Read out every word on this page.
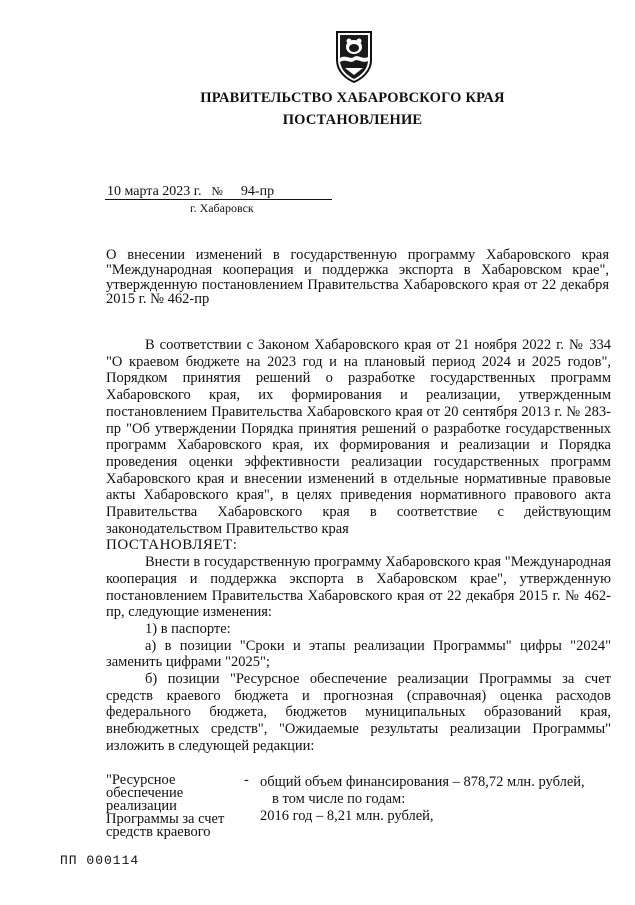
ПРАВИТЕЛЬСТВО ХАБАРОВСКОГО КРАЯ
ПОСТАНОВЛЕНИЕ
10 марта 2023 г. № 94-пр
г. Хабаровск
О внесении изменений в государственную программу Хабаровского края "Международная кооперация и поддержка экспорта в Хабаровском крае", утвержденную постановлением Правительства Хабаровского края от 22 декабря 2015 г. № 462-пр

В соответствии с Законом Хабаровского края от 21 ноября 2022 г. № 334 "О краевом бюджете на 2023 год и на плановый период 2024 и 2025 годов", Порядком принятия решений о разработке государственных программ Хабаровского края, их формирования и реализации, утвержденным постановлением Правительства Хабаровского края от 20 сентября 2013 г. № 283-пр "Об утверждении Порядка принятия решений о разработке государственных программ Хабаровского края, их формирования и реализации и Порядка проведения оценки эффективности реализации государственных программ Хабаровского края и внесении изменений в отдельные нормативные правовые акты Хабаровского края", в целях приведения нормативного правового акта Правительства Хабаровского края в соответствие с действующим законодательством Правительство края

ПОСТАНОВЛЯЕТ:

Внести в государственную программу Хабаровского края "Международная кооперация и поддержка экспорта в Хабаровском крае", утвержденную постановлением Правительства Хабаровского края от 22 декабря 2015 г. № 462-пр, следующие изменения:

1) в паспорте:

а) в позиции "Сроки и этапы реализации Программы" цифры "2024" заменить цифрами "2025";

б) позиции "Ресурсное обеспечение реализации Программы за счет средств краевого бюджета и прогнозная (справочная) оценка расходов федерального бюджета, бюджетов муниципальных образований края, внебюджетных средств", "Ожидаемые результаты реализации Программы" изложить в следующей редакции:

"Ресурсное
обеспечение
реализации
Программы за счет
средств краевого
- общий объем финансирования – 878,72 млн. рублей,
в том числе по годам:
2016 год – 8,21 млн. рублей,
ПП 000114
